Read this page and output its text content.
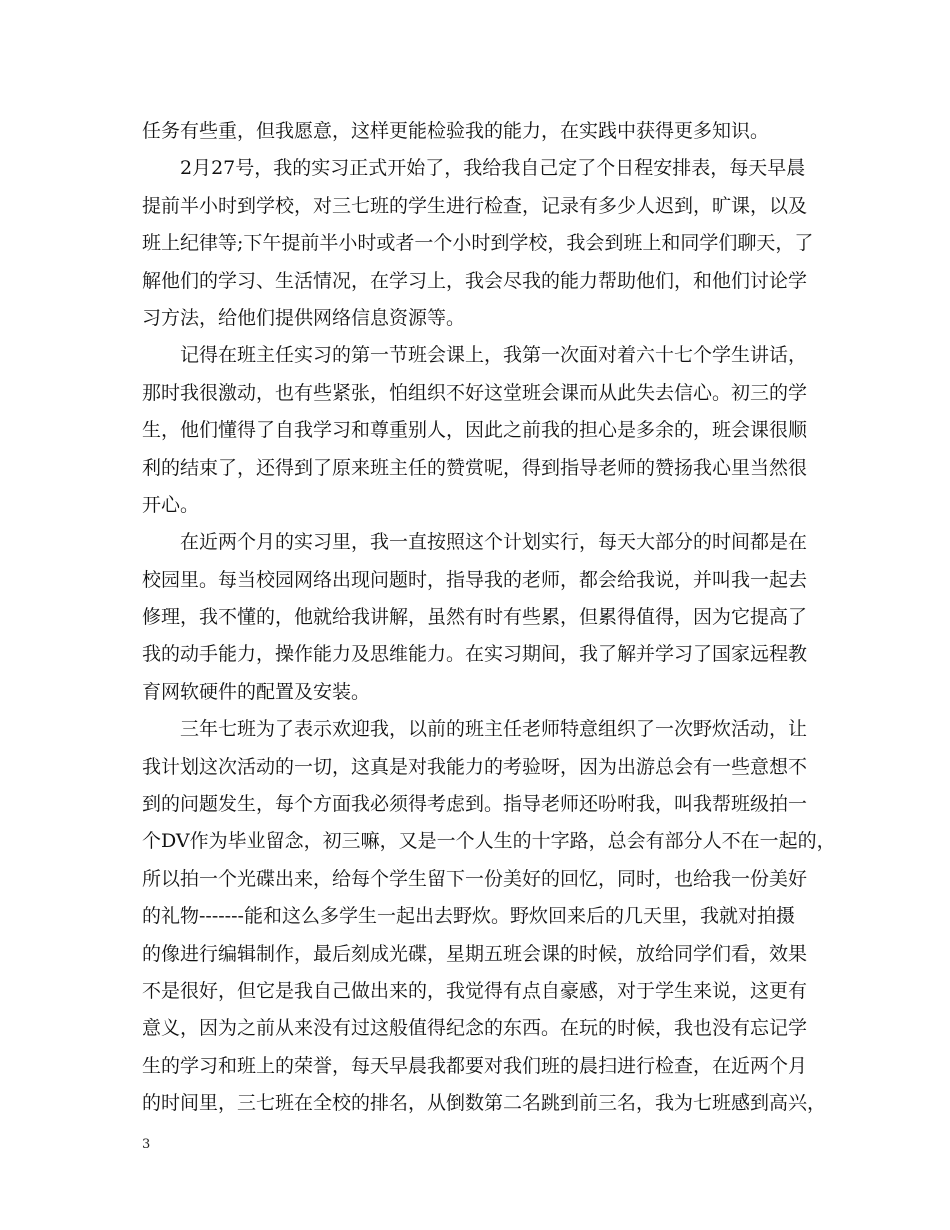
任务有些重，但我愿意，这样更能检验我的能力，在实践中获得更多知识。
2月27号，我的实习正式开始了，我给我自己定了个日程安排表，每天早晨
提前半小时到学校，对三七班的学生进行检查，记录有多少人迟到，旷课，以及
班上纪律等;下午提前半小时或者一个小时到学校，我会到班上和同学们聊天，了
解他们的学习、生活情况，在学习上，我会尽我的能力帮助他们，和他们讨论学
习方法，给他们提供网络信息资源等。
记得在班主任实习的第一节班会课上，我第一次面对着六十七个学生讲话，
那时我很激动，也有些紧张，怕组织不好这堂班会课而从此失去信心。初三的学
生，他们懂得了自我学习和尊重别人，因此之前我的担心是多余的，班会课很顺
利的结束了，还得到了原来班主任的赞赏呢，得到指导老师的赞扬我心里当然很
开心。
在近两个月的实习里，我一直按照这个计划实行，每天大部分的时间都是在
校园里。每当校园网络出现问题时，指导我的老师，都会给我说，并叫我一起去
修理，我不懂的，他就给我讲解，虽然有时有些累，但累得值得，因为它提高了
我的动手能力，操作能力及思维能力。在实习期间，我了解并学习了国家远程教
育网软硬件的配置及安装。
三年七班为了表示欢迎我，以前的班主任老师特意组织了一次野炊活动，让
我计划这次活动的一切，这真是对我能力的考验呀，因为出游总会有一些意想不
到的问题发生，每个方面我必须得考虑到。指导老师还吩咐我，叫我帮班级拍一
个DV作为毕业留念，初三嘛，又是一个人生的十字路，总会有部分人不在一起的，
所以拍一个光碟出来，给每个学生留下一份美好的回忆，同时，也给我一份美好
的礼物-------能和这么多学生一起出去野炊。野炊回来后的几天里，我就对拍摄
的像进行编辑制作，最后刻成光碟，星期五班会课的时候，放给同学们看，效果
不是很好，但它是我自己做出来的，我觉得有点自豪感，对于学生来说，这更有
意义，因为之前从来没有过这般值得纪念的东西。在玩的时候，我也没有忘记学
生的学习和班上的荣誉，每天早晨我都要对我们班的晨扫进行检查，在近两个月
的时间里，三七班在全校的排名，从倒数第二名跳到前三名，我为七班感到高兴，
3
